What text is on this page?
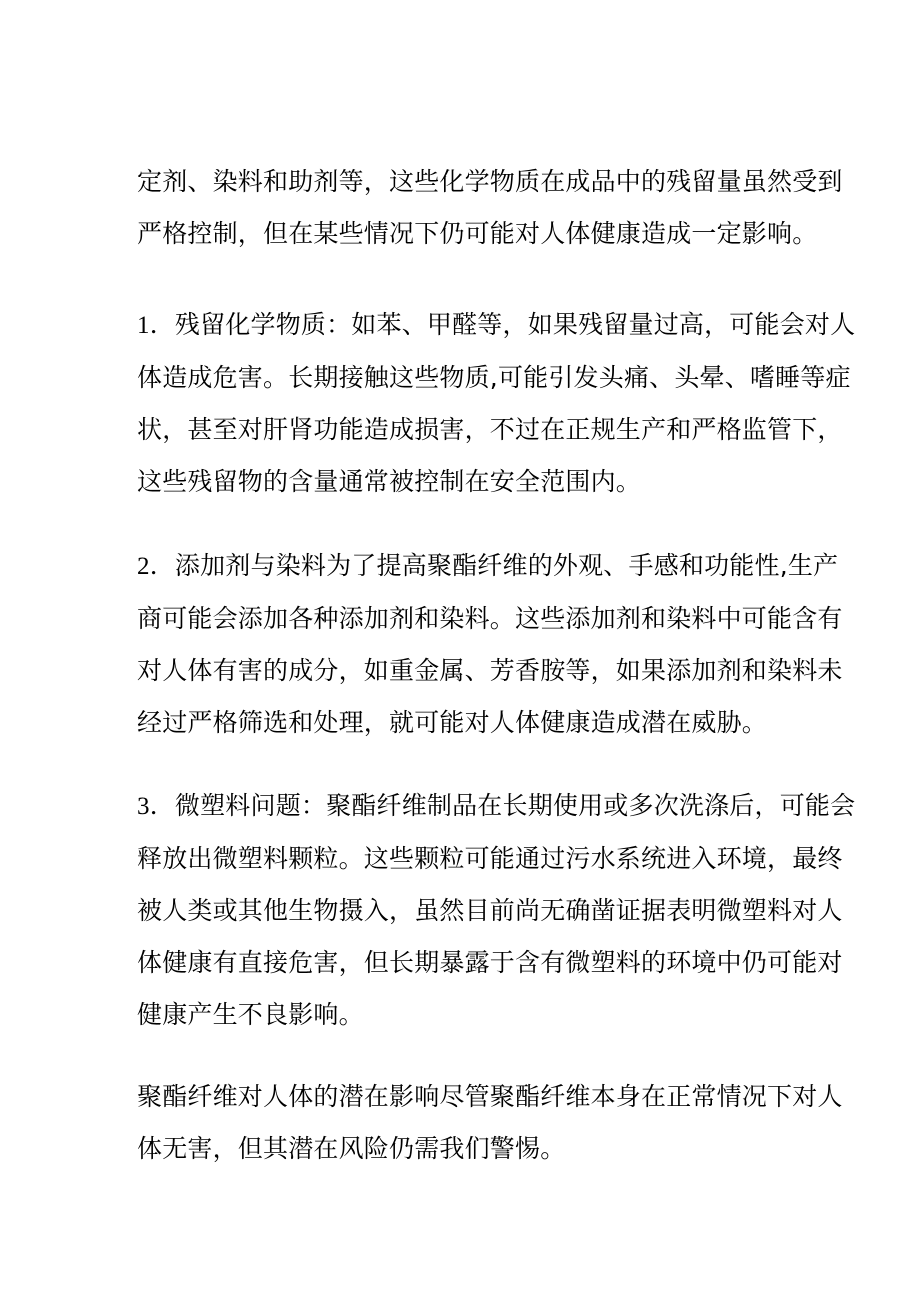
定剂、染料和助剂等，这些化学物质在成品中的残留量虽然受到
严格控制，但在某些情况下仍可能对人体健康造成一定影响。
1．残留化学物质：如苯、甲醛等，如果残留量过高，可能会对人
体造成危害。长期接触这些物质,可能引发头痛、头晕、嗜睡等症
状，甚至对肝肾功能造成损害，不过在正规生产和严格监管下，
这些残留物的含量通常被控制在安全范围内。
2．添加剂与染料为了提高聚酯纤维的外观、手感和功能性,生产
商可能会添加各种添加剂和染料。这些添加剂和染料中可能含有
对人体有害的成分，如重金属、芳香胺等，如果添加剂和染料未
经过严格筛选和处理，就可能对人体健康造成潜在威胁。
3．微塑料问题：聚酯纤维制品在长期使用或多次洗涤后，可能会
释放出微塑料颗粒。这些颗粒可能通过污水系统进入环境，最终
被人类或其他生物摄入，虽然目前尚无确凿证据表明微塑料对人
体健康有直接危害，但长期暴露于含有微塑料的环境中仍可能对
健康产生不良影响。
聚酯纤维对人体的潜在影响尽管聚酯纤维本身在正常情况下对人
体无害，但其潜在风险仍需我们警惕。
